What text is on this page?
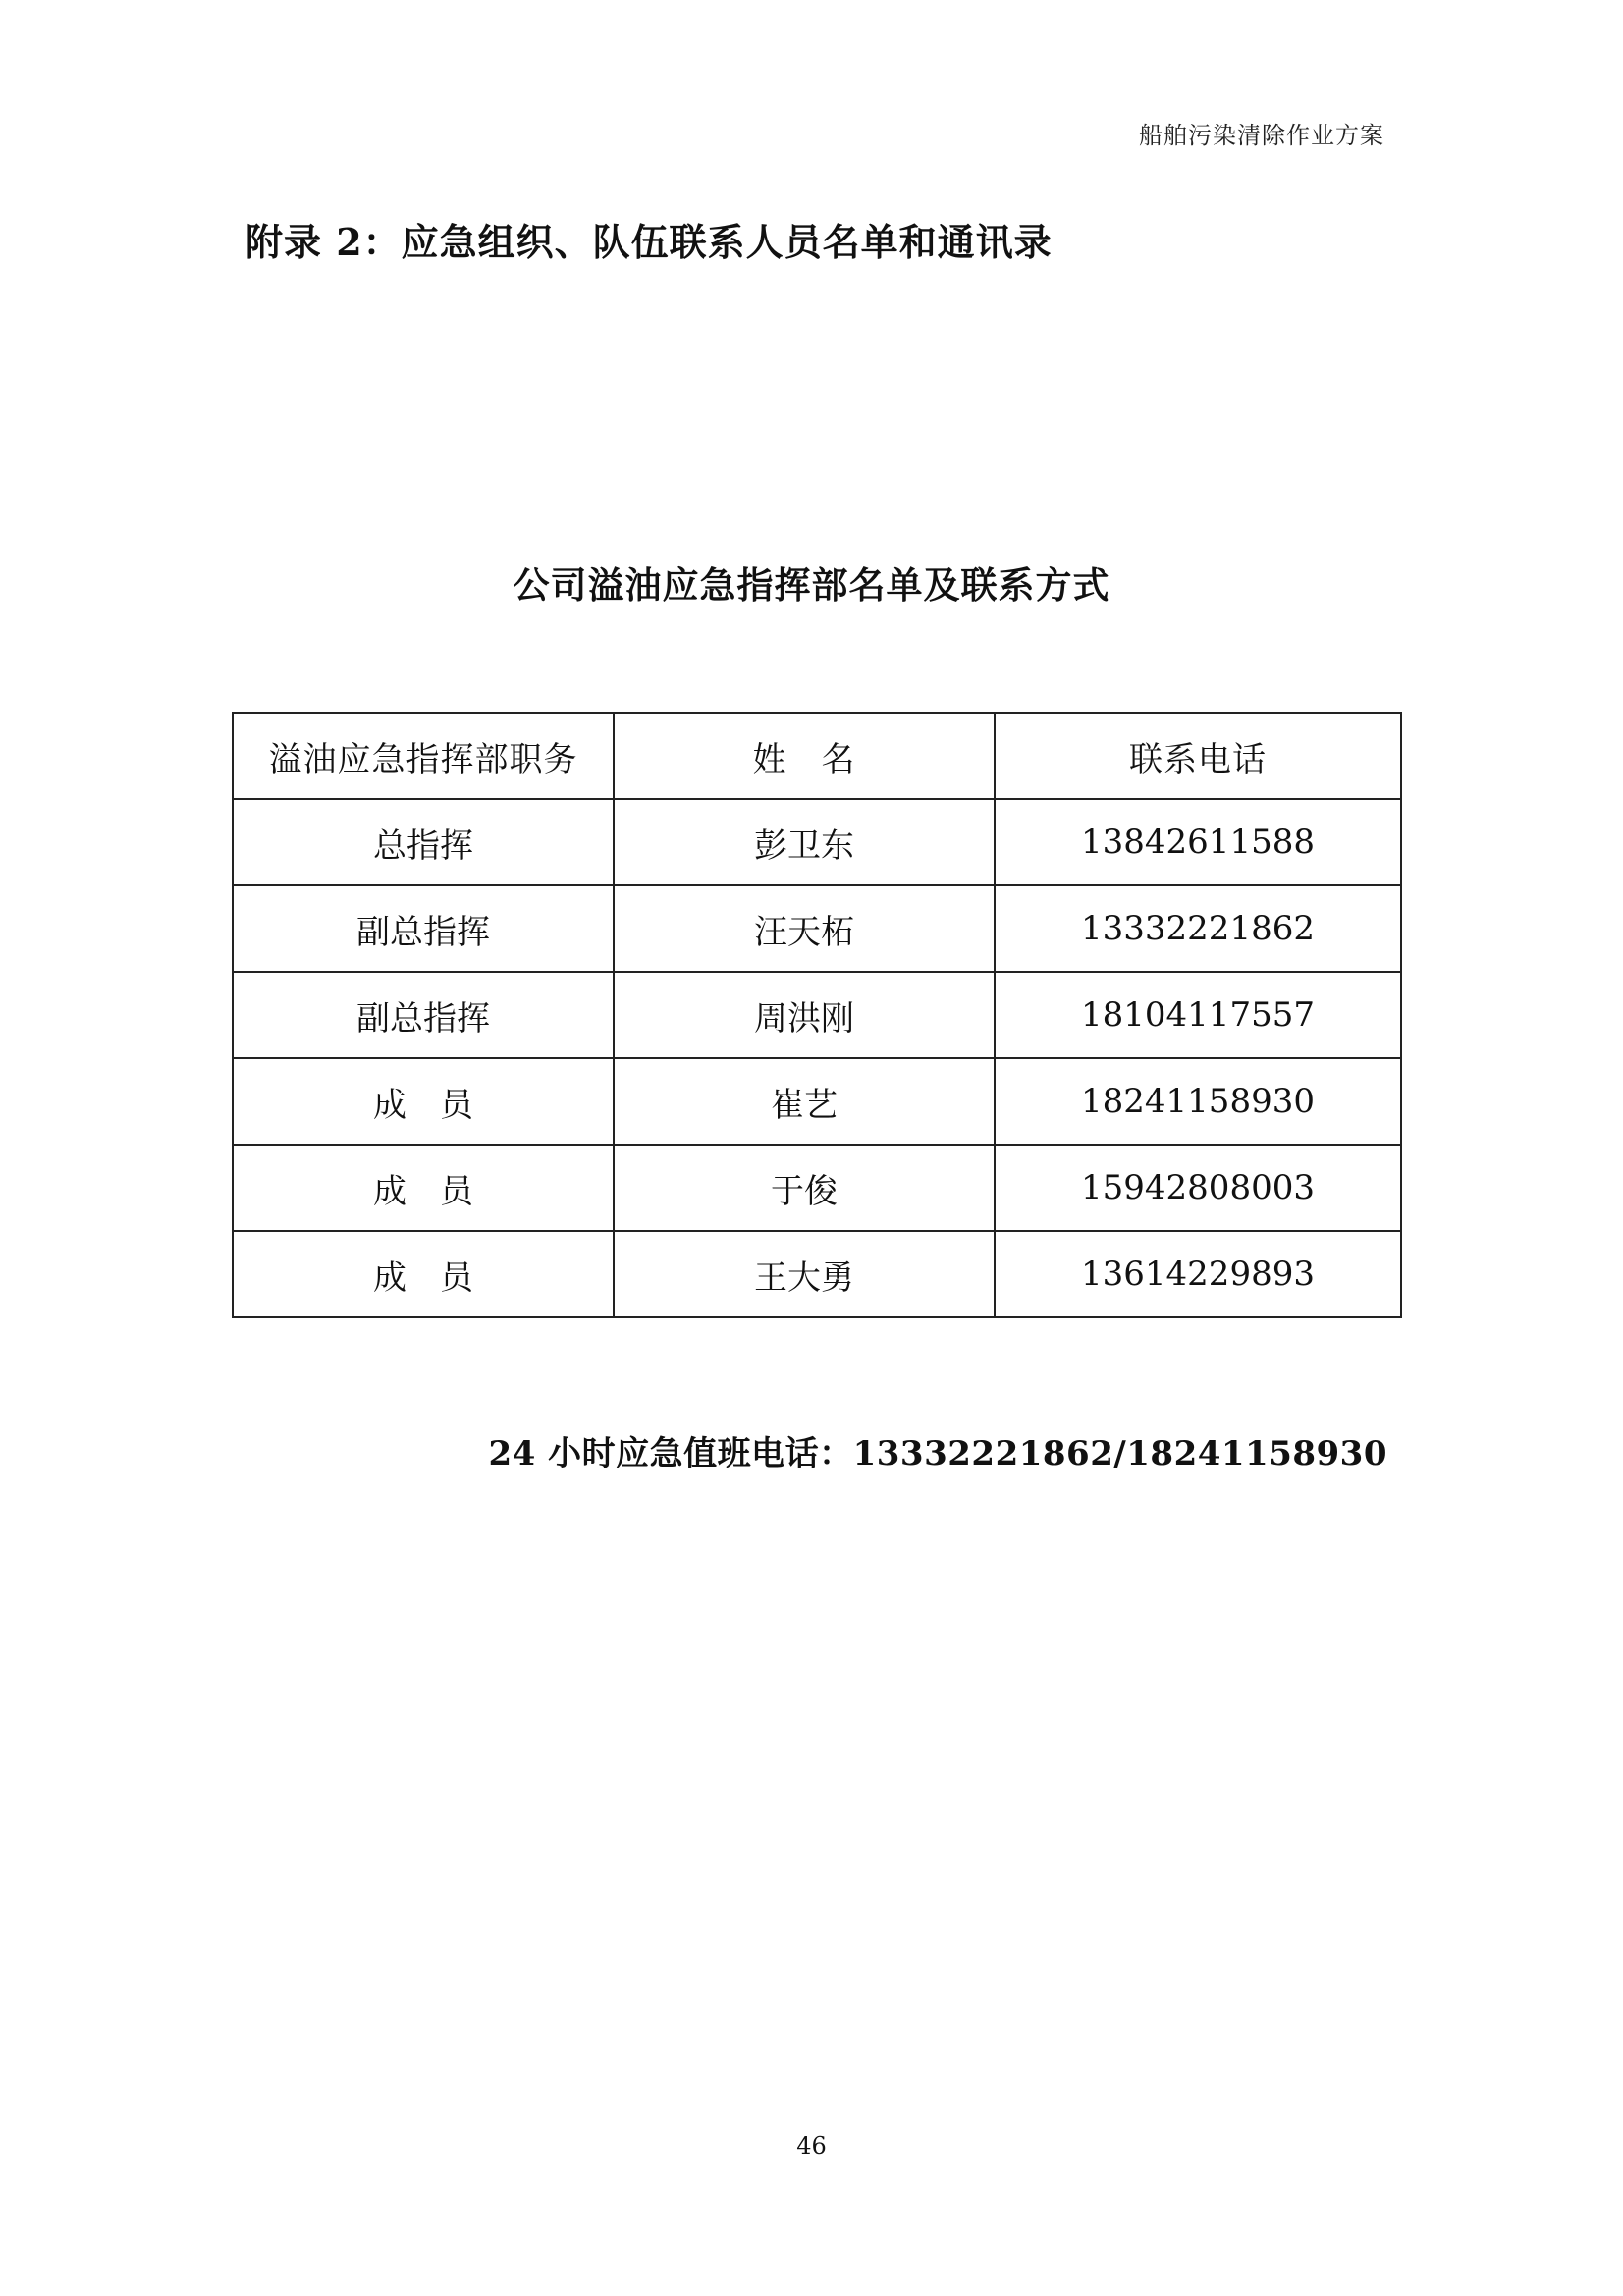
船舶污染清除作业方案
附录 2：应急组织、队伍联系人员名单和通讯录
公司溢油应急指挥部名单及联系方式
溢油应急指挥部职务	姓　名	联系电话
总指挥	彭卫东	13842611588
副总指挥	汪天柘	13332221862
副总指挥	周洪刚	18104117557
成　员	崔艺	18241158930
成　员	于俊	15942808003
成　员	王大勇	13614229893
24 小时应急值班电话：13332221862/18241158930
46
